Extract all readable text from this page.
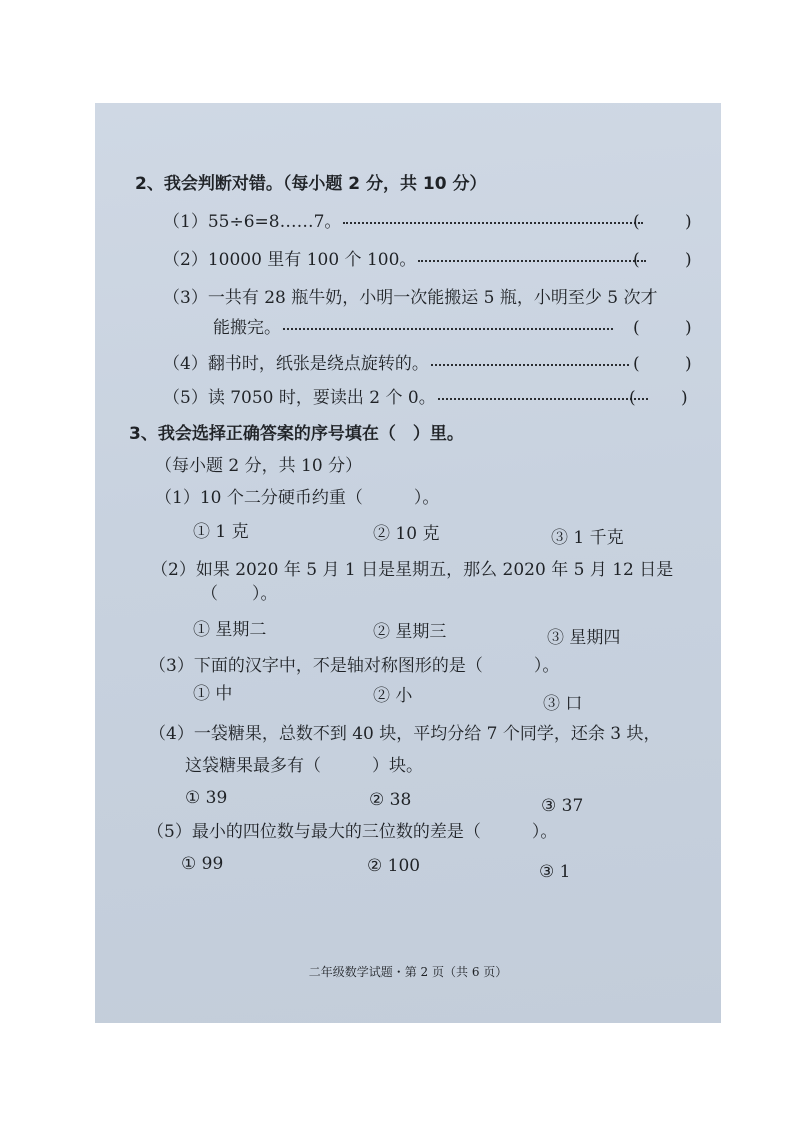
2、我会判断对错。（每小题 2 分，共 10 分）
（1）55÷6=8……7。	(	)
（2）10000 里有 100 个 100。	(	)
（3）一共有 28 瓶牛奶，小明一次能搬运 5 瓶，小明至少 5 次才
能搬完。	(	)
（4）翻书时，纸张是绕点旋转的。	(	)
（5）读 7050 时，要读出 2 个 0。	(	)
3、我会选择正确答案的序号填在（　）里。
（每小题 2 分，共 10 分）
（1）10 个二分硬币约重（　　　）。
① 1 克	② 10 克	③ 1 千克
（2）如果 2020 年 5 月 1 日是星期五，那么 2020 年 5 月 12 日是
（　　）。
① 星期二	② 星期三	③ 星期四
（3）下面的汉字中，不是轴对称图形的是（　　　）。
① 中	② 小	③ 口
（4）一袋糖果，总数不到 40 块，平均分给 7 个同学，还余 3 块，
这袋糖果最多有（　　　）块。
① 39	② 38	③ 37
（5）最小的四位数与最大的三位数的差是（　　　）。
① 99	② 100	③ 1
二年级数学试题・第 2 页（共 6 页）
